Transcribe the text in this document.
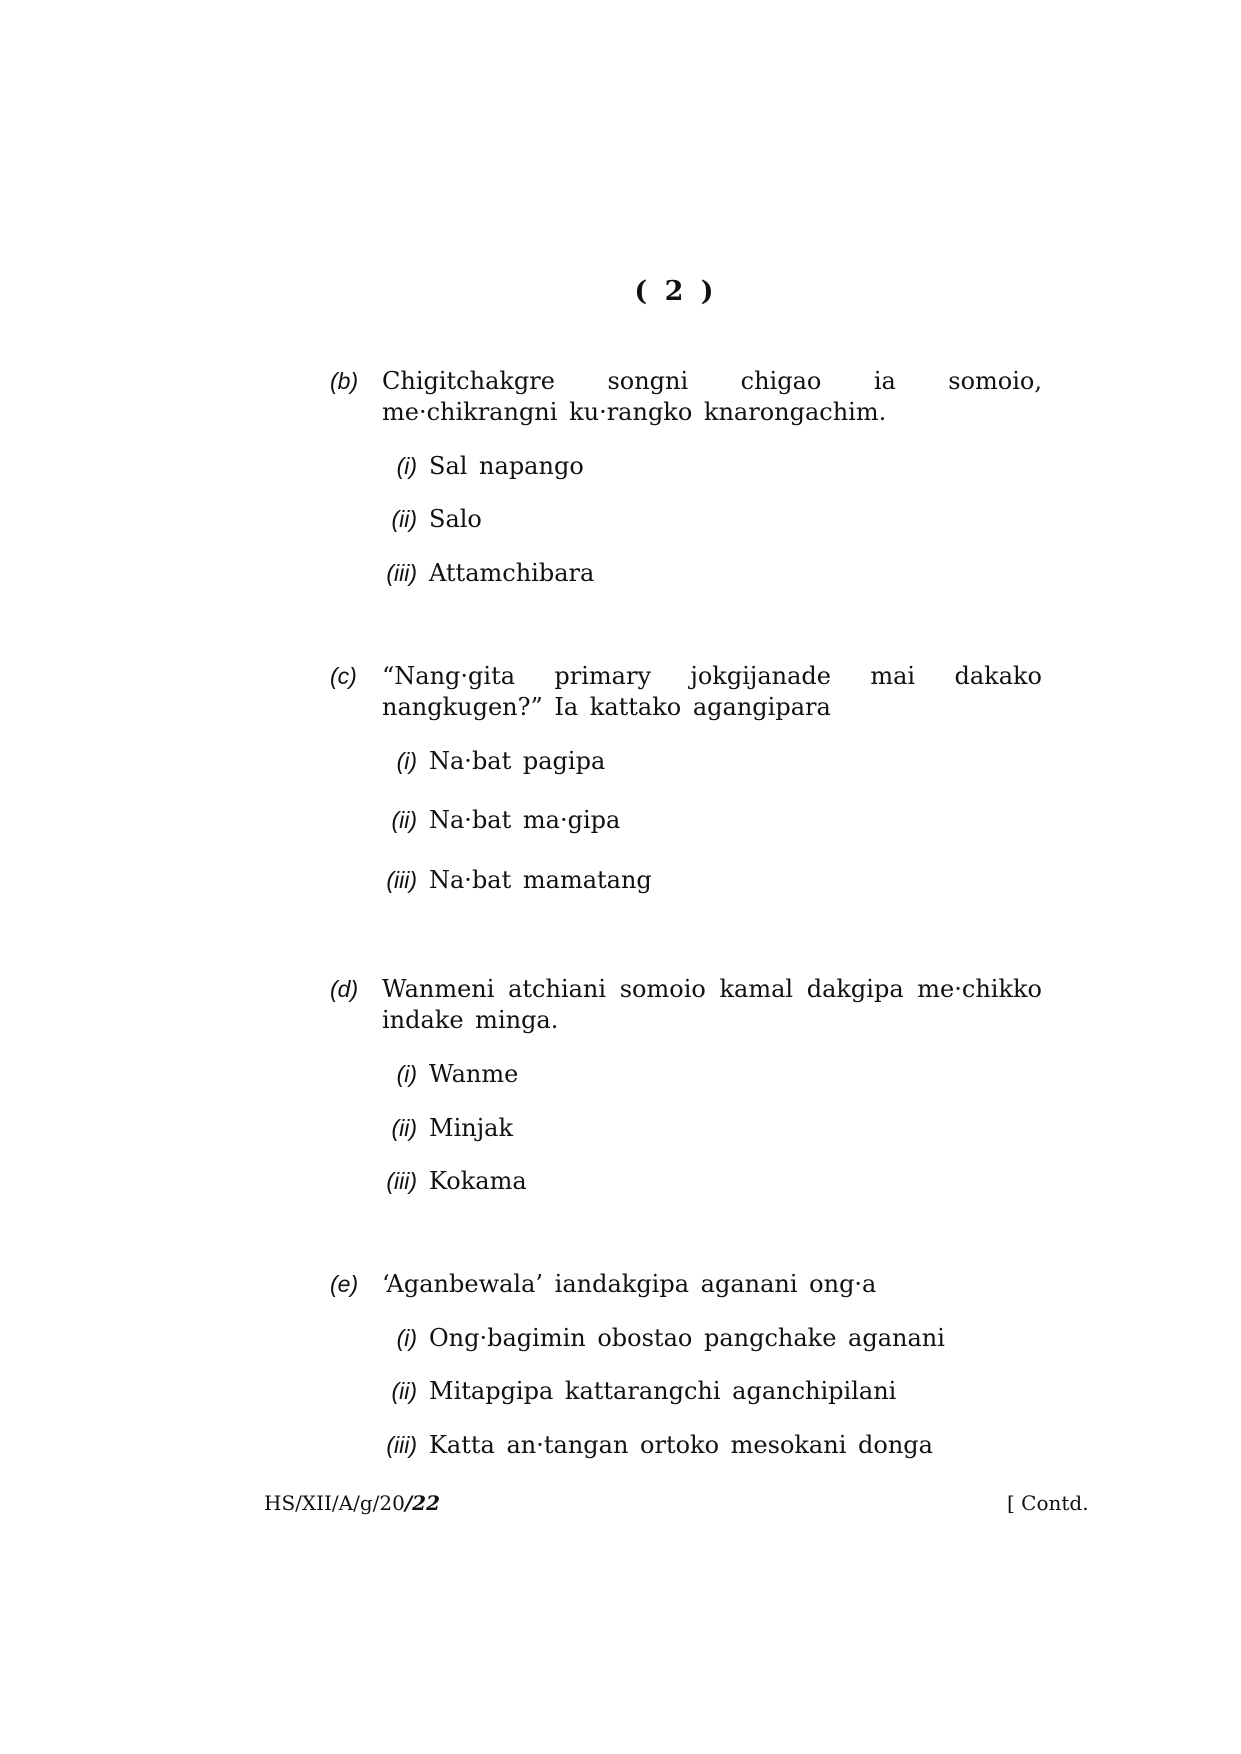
( 2 )
(b) Chigitchakgre songni chigao ia somoio,
me·chikrangni ku·rangko knarongachim.
(i) Sal napango
(ii) Salo
(iii) Attamchibara
(c) “Nang·gita primary jokgijanade mai dakako
nangkugen?” Ia kattako agangipara
(i) Na·bat pagipa
(ii) Na·bat ma·gipa
(iii) Na·bat mamatang
(d) Wanmeni atchiani somoio kamal dakgipa me·chikko
indake minga.
(i) Wanme
(ii) Minjak
(iii) Kokama
(e) ‘Aganbewala’ iandakgipa aganani ong·a
(i) Ong·bagimin obostao pangchake aganani
(ii) Mitapgipa kattarangchi aganchipilani
(iii) Katta an·tangan ortoko mesokani donga
HS/XII/A/g/20/22	[ Contd.
